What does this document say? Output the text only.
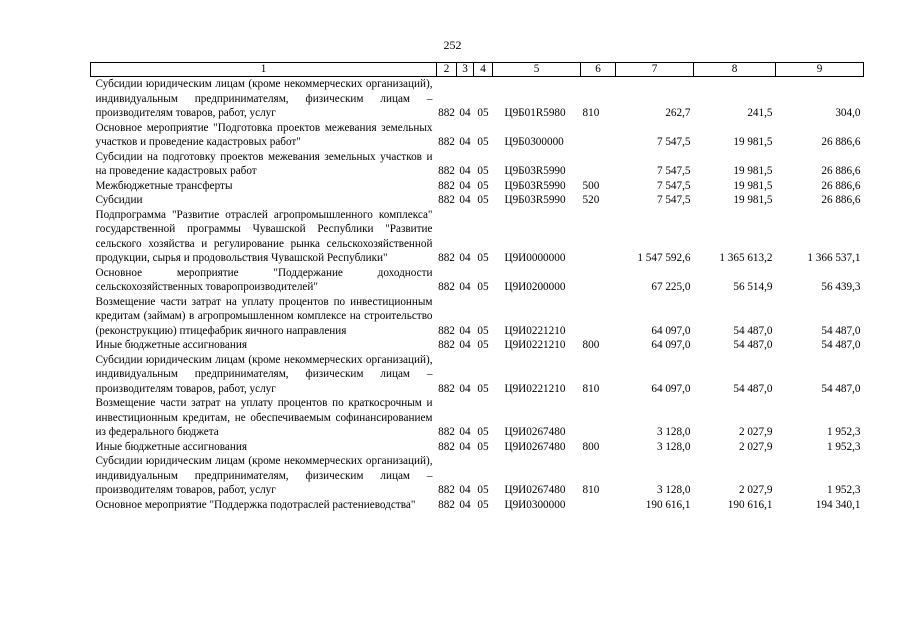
252
1	2	3	4	5	6	7	8	9
Субсидии юридическим лицам (кроме некоммерческих организаций), индивидуальным предпринимателям, физическим лицам – производителям товаров, работ, услуг	882	04	05	Ц9Б01R5980	810	262,7	241,5	304,0
Основное мероприятие "Подготовка проектов межевания земельных участков и проведение кадастровых работ"	882	04	05	Ц9Б0300000		7 547,5	19 981,5	26 886,6
Субсидии на подготовку проектов межевания земельных участков и на проведение кадастровых работ	882	04	05	Ц9Б03R5990		7 547,5	19 981,5	26 886,6
Межбюджетные трансферты	882	04	05	Ц9Б03R5990	500	7 547,5	19 981,5	26 886,6
Субсидии	882	04	05	Ц9Б03R5990	520	7 547,5	19 981,5	26 886,6
Подпрограмма "Развитие отраслей агропромышленного комплекса" государственной программы Чувашской Республики "Развитие сельского хозяйства и регулирование рынка сельскохозяйственной продукции, сырья и продовольствия Чувашской Республики"	882	04	05	Ц9И0000000		1 547 592,6	1 365 613,2	1 366 537,1
Основное мероприятие "Поддержание доходности сельскохозяйственных товаропроизводителей"	882	04	05	Ц9И0200000		67 225,0	56 514,9	56 439,3
Возмещение части затрат на уплату процентов по инвестиционным кредитам (займам) в агропромышленном комплексе на строительство (реконструкцию) птицефабрик яичного направления	882	04	05	Ц9И0221210		64 097,0	54 487,0	54 487,0
Иные бюджетные ассигнования	882	04	05	Ц9И0221210	800	64 097,0	54 487,0	54 487,0
Субсидии юридическим лицам (кроме некоммерческих организаций), индивидуальным предпринимателям, физическим лицам – производителям товаров, работ, услуг	882	04	05	Ц9И0221210	810	64 097,0	54 487,0	54 487,0
Возмещение части затрат на уплату процентов по краткосрочным и инвестиционным кредитам, не обеспечиваемым софинансированием из федерального бюджета	882	04	05	Ц9И0267480		3 128,0	2 027,9	1 952,3
Иные бюджетные ассигнования	882	04	05	Ц9И0267480	800	3 128,0	2 027,9	1 952,3
Субсидии юридическим лицам (кроме некоммерческих организаций), индивидуальным предпринимателям, физическим лицам – производителям товаров, работ, услуг	882	04	05	Ц9И0267480	810	3 128,0	2 027,9	1 952,3
Основное мероприятие "Поддержка подотраслей растениеводства"	882	04	05	Ц9И0300000		190 616,1	190 616,1	194 340,1
